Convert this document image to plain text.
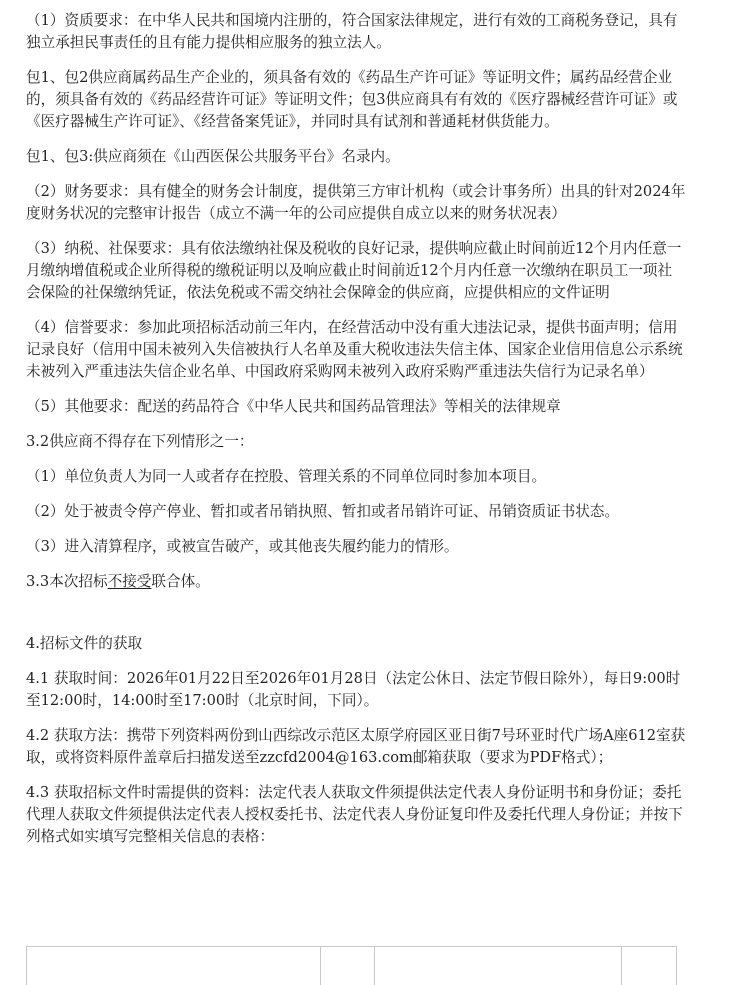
（1）资质要求：在中华人民共和国境内注册的，符合国家法律规定，进行有效的工商税务登记，具有独立承担民事责任的且有能力提供相应服务的独立法人。

包1、包2供应商属药品生产企业的，须具备有效的《药品生产许可证》等证明文件；属药品经营企业的，须具备有效的《药品经营许可证》等证明文件；包3供应商具有有效的《医疗器械经营许可证》或《医疗器械生产许可证》、《经营备案凭证》，并同时具有试剂和普通耗材供货能力。

包1、包3:供应商须在《山西医保公共服务平台》名录内。

（2）财务要求：具有健全的财务会计制度，提供第三方审计机构（或会计事务所）出具的针对2024年度财务状况的完整审计报告（成立不满一年的公司应提供自成立以来的财务状况表）

（3）纳税、社保要求：具有依法缴纳社保及税收的良好记录，提供响应截止时间前近12个月内任意一月缴纳增值税或企业所得税的缴税证明以及响应截止时间前近12个月内任意一次缴纳在职员工一项社会保险的社保缴纳凭证，依法免税或不需交纳社会保障金的供应商，应提供相应的文件证明

（4）信誉要求：参加此项招标活动前三年内，在经营活动中没有重大违法记录，提供书面声明；信用记录良好（信用中国未被列入失信被执行人名单及重大税收违法失信主体、国家企业信用信息公示系统未被列入严重违法失信企业名单、中国政府采购网未被列入政府采购严重违法失信行为记录名单）

（5）其他要求：配送的药品符合《中华人民共和国药品管理法》等相关的法律规章

3.2供应商不得存在下列情形之一：

（1）单位负责人为同一人或者存在控股、管理关系的不同单位同时参加本项目。

（2）处于被责令停产停业、暂扣或者吊销执照、暂扣或者吊销许可证、吊销资质证书状态。

（3）进入清算程序，或被宣告破产，或其他丧失履约能力的情形。

3.3本次招标不接受联合体。

4.招标文件的获取

4.1 获取时间：2026年01月22日至2026年01月28日（法定公休日、法定节假日除外），每日9:00时至12:00时，14:00时至17:00时（北京时间，下同）。

4.2 获取方法：携带下列资料两份到山西综改示范区太原学府园区亚日街7号环亚时代广场A座612室获取，或将资料原件盖章后扫描发送至zzcfd2004@163.com邮箱获取（要求为PDF格式）；

4.3 获取招标文件时需提供的资料：法定代表人获取文件须提供法定代表人身份证明书和身份证；委托代理人获取文件须提供法定代表人授权委托书、法定代表人身份证复印件及委托代理人身份证；并按下列格式如实填写完整相关信息的表格：
